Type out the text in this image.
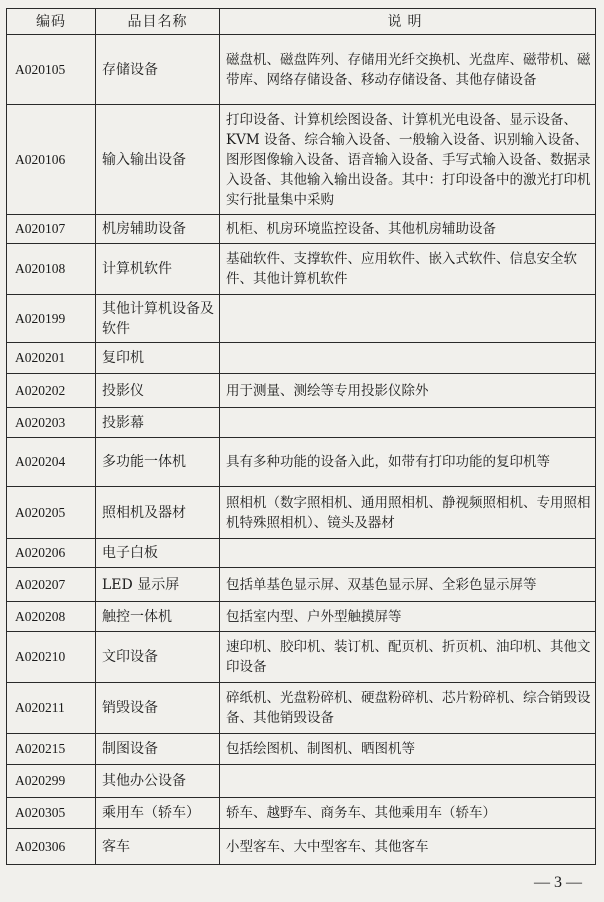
编码	品目名称	说明
A020105	存储设备	磁盘机、磁盘阵列、存储用光纤交换机、光盘库、磁带机、磁带库、网络存储设备、移动存储设备、其他存储设备
A020106	输入输出设备	打印设备、计算机绘图设备、计算机光电设备、显示设备、KVM 设备、综合输入设备、一般输入设备、识别输入设备、图形图像输入设备、语音输入设备、手写式输入设备、数据录入设备、其他输入输出设备。其中：打印设备中的激光打印机实行批量集中采购
A020107	机房辅助设备	机柜、机房环境监控设备、其他机房辅助设备
A020108	计算机软件	基础软件、支撑软件、应用软件、嵌入式软件、信息安全软件、其他计算机软件
A020199	其他计算机设备及软件	
A020201	复印机	
A020202	投影仪	用于测量、测绘等专用投影仪除外
A020203	投影幕	
A020204	多功能一体机	具有多种功能的设备入此，如带有打印功能的复印机等
A020205	照相机及器材	照相机（数字照相机、通用照相机、静视频照相机、专用照相机特殊照相机）、镜头及器材
A020206	电子白板	
A020207	LED 显示屏	包括单基色显示屏、双基色显示屏、全彩色显示屏等
A020208	触控一体机	包括室内型、户外型触摸屏等
A020210	文印设备	速印机、胶印机、装订机、配页机、折页机、油印机、其他文印设备
A020211	销毁设备	碎纸机、光盘粉碎机、硬盘粉碎机、芯片粉碎机、综合销毁设备、其他销毁设备
A020215	制图设备	包括绘图机、制图机、晒图机等
A020299	其他办公设备	
A020305	乘用车（轿车）	轿车、越野车、商务车、其他乘用车（轿车）
A020306	客车	小型客车、大中型客车、其他客车
— 3 —
